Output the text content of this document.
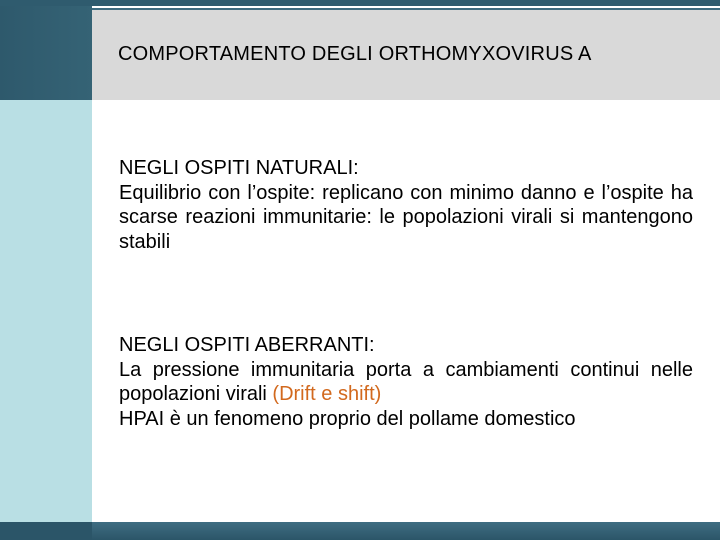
COMPORTAMENTO DEGLI ORTHOMYXOVIRUS A

NEGLI OSPITI NATURALI:

Equilibrio con l’ospite: replicano con minimo danno e l’ospite ha scarse reazioni immunitarie: le popolazioni virali si mantengono stabili

NEGLI OSPITI ABERRANTI:

La pressione immunitaria porta a cambiamenti continui nelle popolazioni virali (Drift e shift)

HPAI è un fenomeno proprio del pollame domestico
